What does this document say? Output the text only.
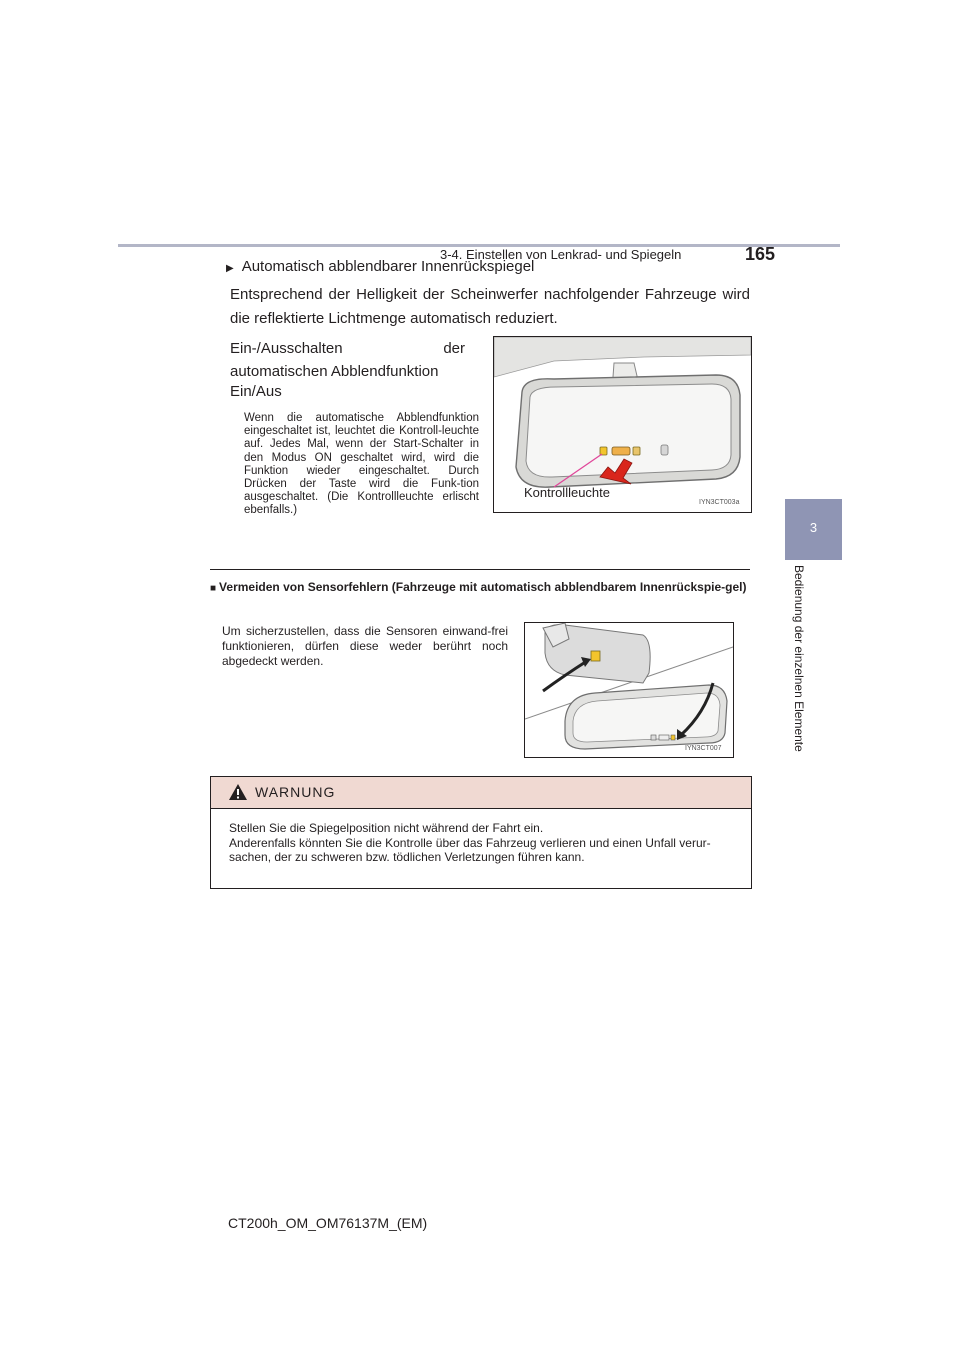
3-4. Einstellen von Lenkrad- und Spiegeln	165
3
Bedienung der einzelnen Elemente
▶ Automatisch abblendbarer Innenrückspiegel
Entsprechend der Helligkeit der Scheinwerfer nachfolgender Fahrzeuge wird die reflektierte Lichtmenge automatisch reduziert.
Ein-/Ausschalten der automatischen Abblendfunktion
Ein/Aus
Wenn die automatische Abblendfunktion eingeschaltet ist, leuchtet die Kontroll-leuchte auf. Jedes Mal, wenn der Start-Schalter in den Modus ON geschaltet wird, wird die Funktion wieder eingeschaltet. Durch Drücken der Taste wird die Funk-tion ausgeschaltet. (Die Kontrollleuchte erlischt ebenfalls.)
Kontrollleuchte
IYN3CT003a
■ Vermeiden von Sensorfehlern (Fahrzeuge mit automatisch abblendbarem Innenrückspie-gel)
Um sicherzustellen, dass die Sensoren einwand-frei funktionieren, dürfen diese weder berührt noch abgedeckt werden.
IYN3CT007
WARNUNG
Stellen Sie die Spiegelposition nicht während der Fahrt ein.
Anderenfalls könnten Sie die Kontrolle über das Fahrzeug verlieren und einen Unfall verur-sachen, der zu schweren bzw. tödlichen Verletzungen führen kann.
CT200h_OM_OM76137M_(EM)
